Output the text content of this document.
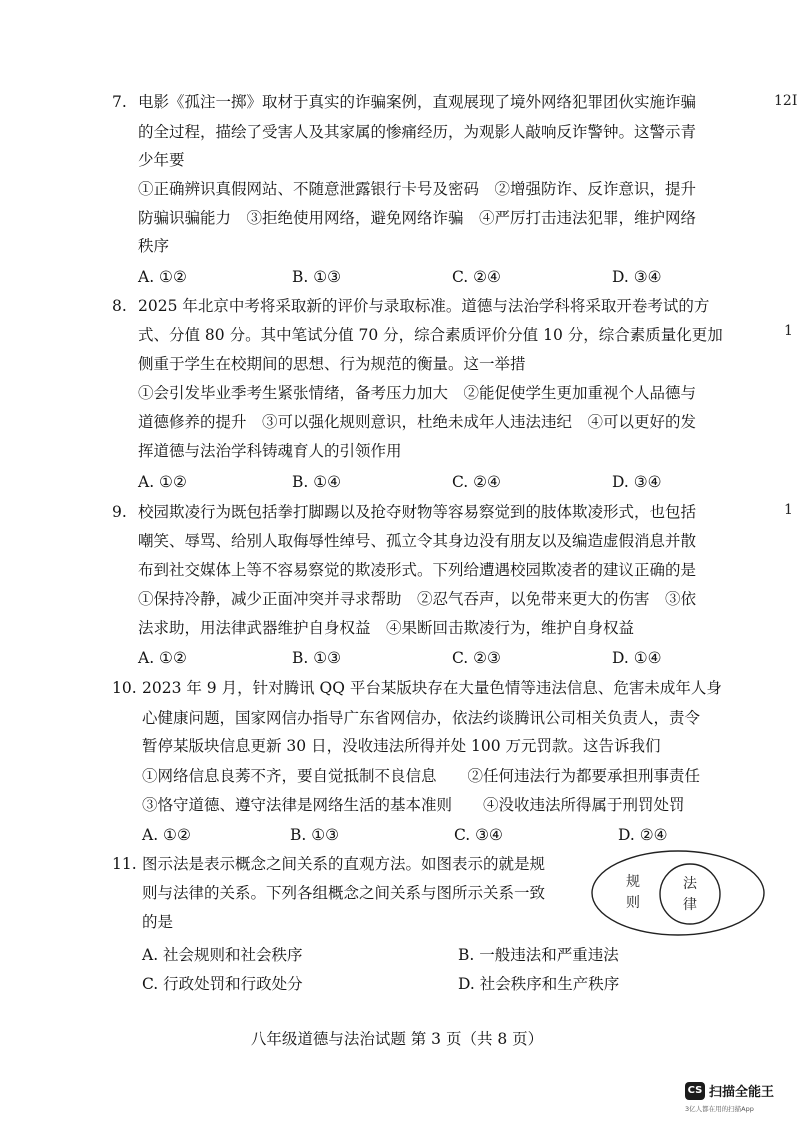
12I
1
1
7. 电影《孤注一掷》取材于真实的诈骗案例，直观展现了境外网络犯罪团伙实施诈骗
的全过程，描绘了受害人及其家属的惨痛经历，为观影人敲响反诈警钟。这警示青
少年要
①正确辨识真假网站、不随意泄露银行卡号及密码　②增强防诈、反诈意识，提升
防骗识骗能力　③拒绝使用网络，避免网络诈骗　④严厉打击违法犯罪，维护网络
秩序
A. ①②	B. ①③	C. ②④	D. ③④
8. 2025 年北京中考将采取新的评价与录取标准。道德与法治学科将采取开卷考试的方
式、分值 80 分。其中笔试分值 70 分，综合素质评价分值 10 分，综合素质量化更加
侧重于学生在校期间的思想、行为规范的衡量。这一举措
①会引发毕业季考生紧张情绪，备考压力加大　②能促使学生更加重视个人品德与
道德修养的提升　③可以强化规则意识，杜绝未成年人违法违纪　④可以更好的发
挥道德与法治学科铸魂育人的引领作用
A. ①②	B. ①④	C. ②④	D. ③④
9. 校园欺凌行为既包括拳打脚踢以及抢夺财物等容易察觉到的肢体欺凌形式，也包括
嘲笑、辱骂、给别人取侮辱性绰号、孤立令其身边没有朋友以及编造虚假消息并散
布到社交媒体上等不容易察觉的欺凌形式。下列给遭遇校园欺凌者的建议正确的是
①保持冷静，减少正面冲突并寻求帮助　②忍气吞声，以免带来更大的伤害　③依
法求助，用法律武器维护自身权益　④果断回击欺凌行为，维护自身权益
A. ①②	B. ①③	C. ②③	D. ①④
10. 2023 年 9 月，针对腾讯 QQ 平台某版块存在大量色情等违法信息、危害未成年人身
心健康问题，国家网信办指导广东省网信办，依法约谈腾讯公司相关负责人，责令
暂停某版块信息更新 30 日，没收违法所得并处 100 万元罚款。这告诉我们
①网络信息良莠不齐，要自觉抵制不良信息　　②任何违法行为都要承担刑事责任
③恪守道德、遵守法律是网络生活的基本准则　　④没收违法所得属于刑罚处罚
A. ①②	B. ①③	C. ③④	D. ②④
11. 图示法是表示概念之间关系的直观方法。如图表示的就是规
则与法律的关系。下列各组概念之间关系与图所示关系一致
的是
A. 社会规则和社会秩序	B. 一般违法和严重违法
C. 行政处罚和行政处分	D. 社会秩序和生产秩序
规
则
法
律
八年级道德与法治试题 第 3 页（共 8 页）
CS 扫描全能王
3亿人都在用的扫描App
